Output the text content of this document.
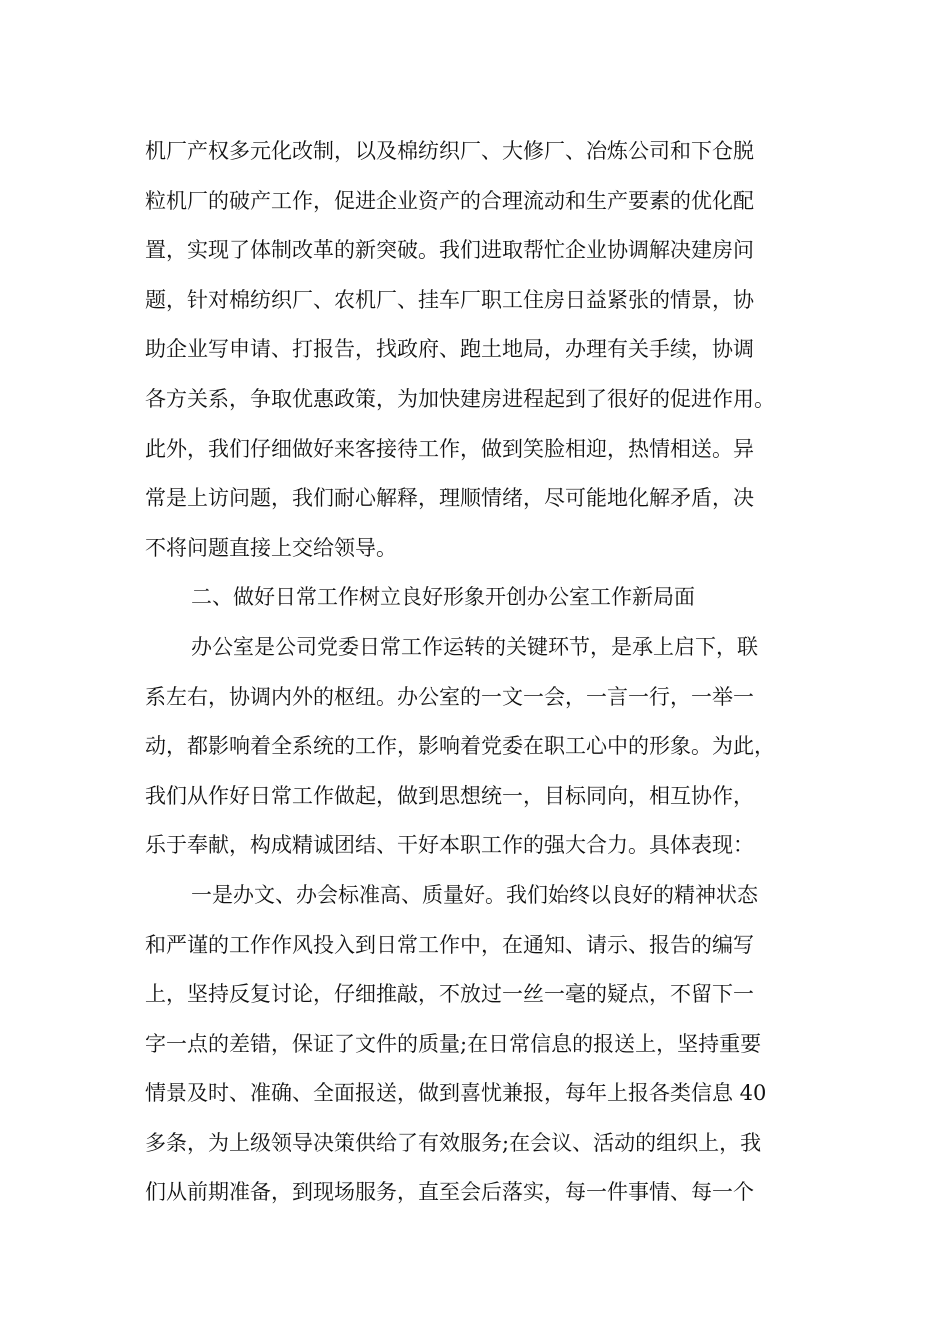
机厂产权多元化改制，以及棉纺织厂、大修厂、冶炼公司和下仓脱
粒机厂的破产工作，促进企业资产的合理流动和生产要素的优化配
置，实现了体制改革的新突破。我们进取帮忙企业协调解决建房问
题，针对棉纺织厂、农机厂、挂车厂职工住房日益紧张的情景，协
助企业写申请、打报告，找政府、跑土地局，办理有关手续，协调
各方关系，争取优惠政策，为加快建房进程起到了很好的促进作用。
此外，我们仔细做好来客接待工作，做到笑脸相迎，热情相送。异
常是上访问题，我们耐心解释，理顺情绪，尽可能地化解矛盾，决
不将问题直接上交给领导。
二、做好日常工作树立良好形象开创办公室工作新局面
办公室是公司党委日常工作运转的关键环节，是承上启下，联
系左右，协调内外的枢纽。办公室的一文一会，一言一行，一举一
动，都影响着全系统的工作，影响着党委在职工心中的形象。为此，
我们从作好日常工作做起，做到思想统一，目标同向，相互协作，
乐于奉献，构成精诚团结、干好本职工作的强大合力。具体表现：
一是办文、办会标准高、质量好。我们始终以良好的精神状态
和严谨的工作作风投入到日常工作中，在通知、请示、报告的编写
上，坚持反复讨论，仔细推敲，不放过一丝一毫的疑点，不留下一
字一点的差错，保证了文件的质量;在日常信息的报送上，坚持重要
情景及时、准确、全面报送，做到喜忧兼报，每年上报各类信息 40
多条，为上级领导决策供给了有效服务;在会议、活动的组织上，我
们从前期准备，到现场服务，直至会后落实，每一件事情、每一个
